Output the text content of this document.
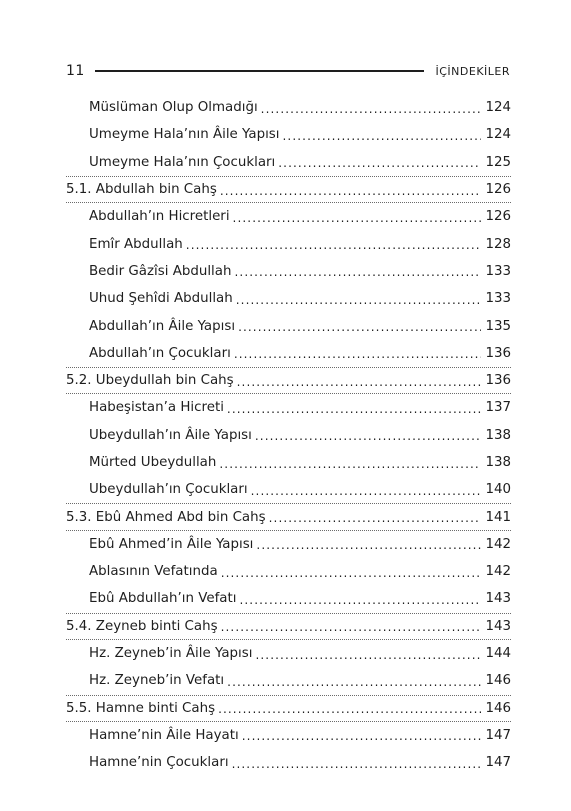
11	İÇİNDEKİLER
Müslüman Olup Olmadığı .....	124
Umeyme Hala’nın Âile Yapısı .....	124
Umeyme Hala’nın Çocukları .....	125
5.1. Abdullah bin Cahş .....	126
Abdullah’ın Hicretleri .....	126
Emîr Abdullah .....	128
Bedir Gâzîsi Abdullah .....	133
Uhud Şehîdi Abdullah .....	133
Abdullah’ın Âile Yapısı .....	135
Abdullah’ın Çocukları .....	136
5.2. Ubeydullah bin Cahş .....	136
Habeşistan’a Hicreti .....	137
Ubeydullah’ın Âile Yapısı .....	138
Mürted Ubeydullah .....	138
Ubeydullah’ın Çocukları .....	140
5.3. Ebû Ahmed Abd bin Cahş .....	141
Ebû Ahmed’in Âile Yapısı .....	142
Ablasının Vefatında .....	142
Ebû Abdullah’ın Vefatı .....	143
5.4. Zeyneb binti Cahş .....	143
Hz. Zeyneb’in Âile Yapısı .....	144
Hz. Zeyneb’in Vefatı .....	146
5.5. Hamne binti Cahş .....	146
Hamne’nin Âile Hayatı .....	147
Hamne’nin Çocukları .....	147
